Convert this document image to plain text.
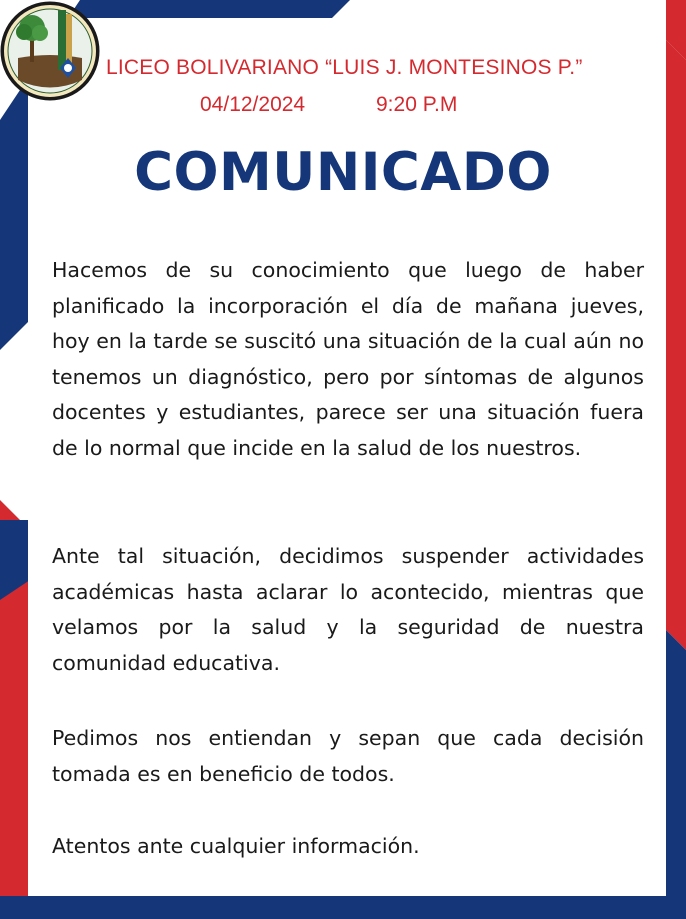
LICEO BOLIVARIANO “LUIS J. MONTESINOS P.”
04/12/2024	9:20 P.M
COMUNICADO
Hacemos de su conocimiento que luego de haber planificado la incorporación el día de mañana jueves, hoy en la tarde se suscitó una situación de la cual aún no tenemos un diagnóstico, pero por síntomas de algunos docentes y estudiantes, parece ser una situación fuera de lo normal que incide en la salud de los nuestros.
Ante tal situación, decidimos suspender actividades académicas hasta aclarar lo acontecido, mientras que velamos por la salud y la seguridad de nuestra comunidad educativa.
Pedimos nos entiendan y sepan que cada decisión tomada es en beneficio de todos.
Atentos ante cualquier información.
